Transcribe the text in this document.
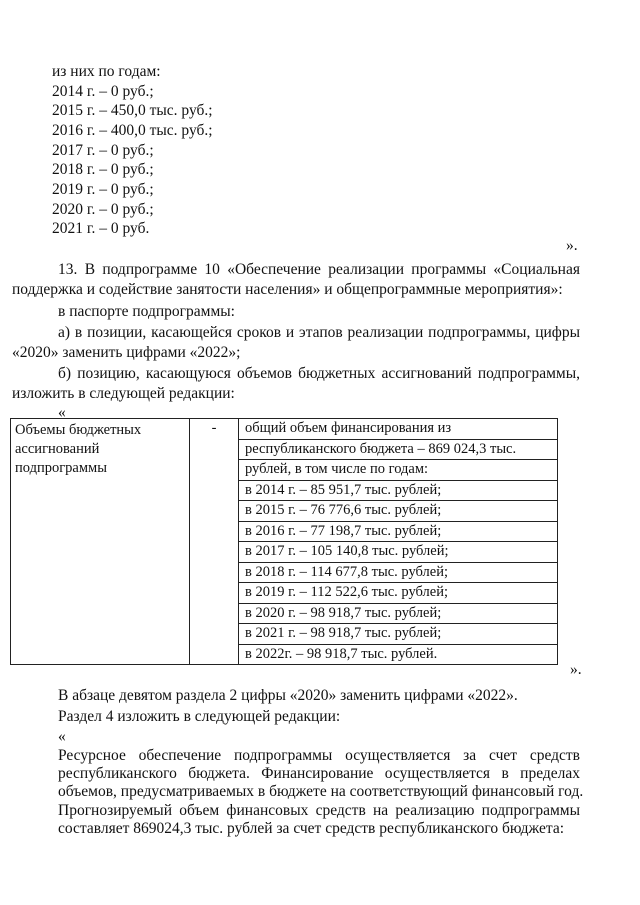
из них по годам:
2014 г. – 0 руб.;
2015 г. – 450,0 тыс. руб.;
2016 г. – 400,0 тыс. руб.;
2017 г. – 0 руб.;
2018 г. – 0 руб.;
2019 г. – 0 руб.;
2020 г. – 0 руб.;
2021 г. – 0 руб.
».
13. В подпрограмме 10 «Обеспечение реализации программы «Социальная
поддержка и содействие занятости населения» и общепрограммные мероприятия»:
в паспорте подпрограммы:
а) в позиции, касающейся сроков и этапов реализации подпрограммы, цифры
«2020» заменить цифрами «2022»;
б) позицию, касающуюся объемов бюджетных ассигнований подпрограммы,
изложить в следующей редакции:
«
Объемы бюджетных
ассигнований
подпрограммы
	-	общий объем финансирования из
республиканского бюджета – 869 024,3 тыс.
рублей, в том числе по годам:
в 2014 г. – 85 951,7 тыс. рублей;
в 2015 г. – 76 776,6 тыс. рублей;
в 2016 г. – 77 198,7 тыс. рублей;
в 2017 г. – 105 140,8 тыс. рублей;
в 2018 г. – 114 677,8 тыс. рублей;
в 2019 г. – 112 522,6 тыс. рублей;
в 2020 г. – 98 918,7 тыс. рублей;
в 2021 г. – 98 918,7 тыс. рублей;
в 2022г. – 98 918,7 тыс. рублей.
».
В абзаце девятом раздела 2 цифры «2020» заменить цифрами «2022».
Раздел 4 изложить в следующей редакции:
«
Ресурсное обеспечение подпрограммы осуществляется за счет средств
республиканского бюджета. Финансирование осуществляется в пределах
объемов, предусматриваемых в бюджете на соответствующий финансовый год.
Прогнозируемый объем финансовых средств на реализацию подпрограммы
составляет 869024,3 тыс. рублей за счет средств республиканского бюджета:
